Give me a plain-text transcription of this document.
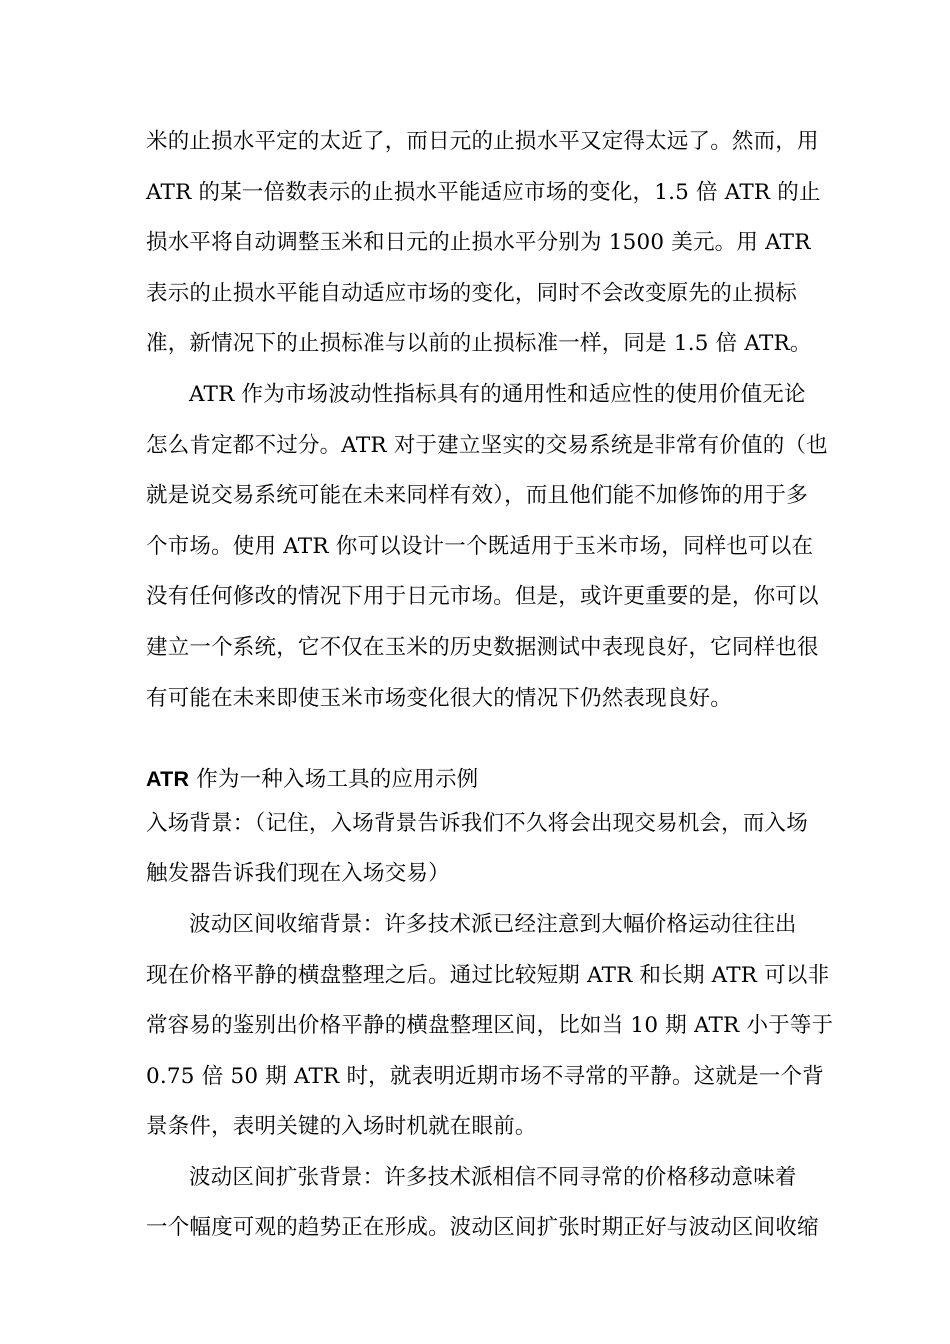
米的止损水平定的太近了，而日元的止损水平又定得太远了。然而，用
ATR 的某一倍数表示的止损水平能适应市场的变化，1.5 倍 ATR 的止
损水平将自动调整玉米和日元的止损水平分别为 1500 美元。用 ATR
表示的止损水平能自动适应市场的变化，同时不会改变原先的止损标
准，新情况下的止损标准与以前的止损标准一样，同是 1.5 倍 ATR。
ATR 作为市场波动性指标具有的通用性和适应性的使用价值无论
怎么肯定都不过分。ATR 对于建立坚实的交易系统是非常有价值的（也
就是说交易系统可能在未来同样有效），而且他们能不加修饰的用于多
个市场。使用 ATR 你可以设计一个既适用于玉米市场，同样也可以在
没有任何修改的情况下用于日元市场。但是，或许更重要的是，你可以
建立一个系统，它不仅在玉米的历史数据测试中表现良好，它同样也很
有可能在未来即使玉米市场变化很大的情况下仍然表现良好。
ATR 作为一种入场工具的应用示例
入场背景：（记住，入场背景告诉我们不久将会出现交易机会，而入场
触发器告诉我们现在入场交易）
波动区间收缩背景：许多技术派已经注意到大幅价格运动往往出
现在价格平静的横盘整理之后。通过比较短期 ATR 和长期 ATR 可以非
常容易的鉴别出价格平静的横盘整理区间，比如当 10 期 ATR 小于等于
0.75 倍 50 期 ATR 时，就表明近期市场不寻常的平静。这就是一个背
景条件，表明关键的入场时机就在眼前。
波动区间扩张背景：许多技术派相信不同寻常的价格移动意味着
一个幅度可观的趋势正在形成。波动区间扩张时期正好与波动区间收缩
